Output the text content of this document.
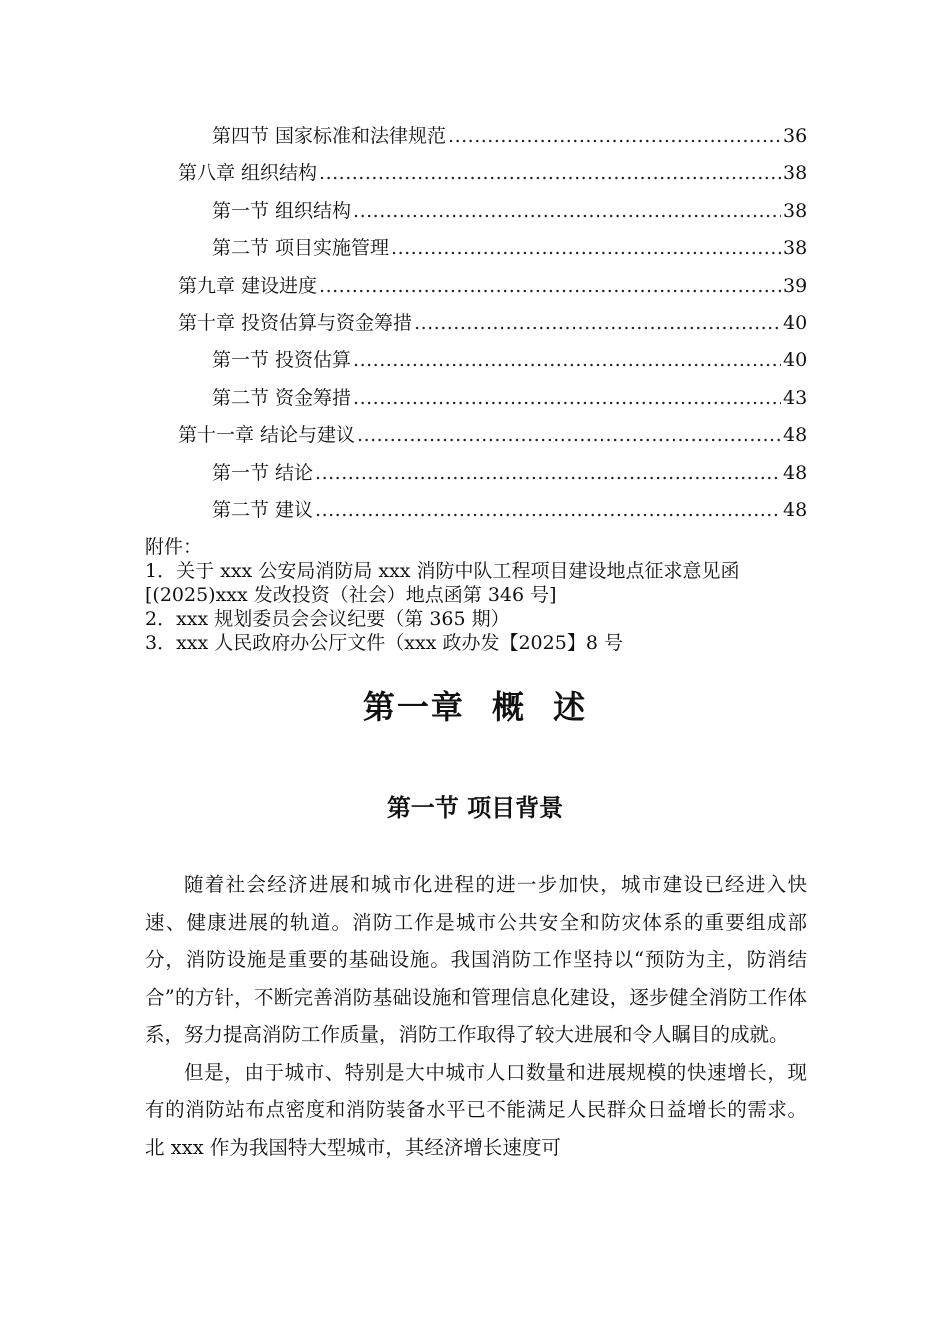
第四节 国家标准和法律规范 .....	36
第八章 组织结构 .....	38
第一节 组织结构 .....	38
第二节 项目实施管理 .....	38
第九章 建设进度 .....	39
第十章 投资估算与资金筹措 .....	40
第一节 投资估算 .....	40
第二节 资金筹措 .....	43
第十一章 结论与建议 .....	48
第一节 结论 .....	48
第二节 建议 .....	48
附件：
1．关于 xxx 公安局消防局 xxx 消防中队工程项目建设地点征求意见函[(2025)xxx 发改投资（社会）地点函第 346 号]
2．xxx 规划委员会会议纪要（第 365 期）
3．xxx 人民政府办公厅文件（xxx 政办发【2025】8 号
第一章 概 述
第一节 项目背景

随着社会经济进展和城市化进程的进一步加快，城市建设已经进入快速、健康进展的轨道。消防工作是城市公共安全和防灾体系的重要组成部分，消防设施是重要的基础设施。我国消防工作坚持以“预防为主，防消结合”的方针，不断完善消防基础设施和管理信息化建设，逐步健全消防工作体系，努力提高消防工作质量，消防工作取得了较大进展和令人瞩目的成就。

但是，由于城市、特别是大中城市人口数量和进展规模的快速增长，现有的消防站布点密度和消防装备水平已不能满足人民群众日益增长的需求。北 xxx 作为我国特大型城市，其经济增长速度可
